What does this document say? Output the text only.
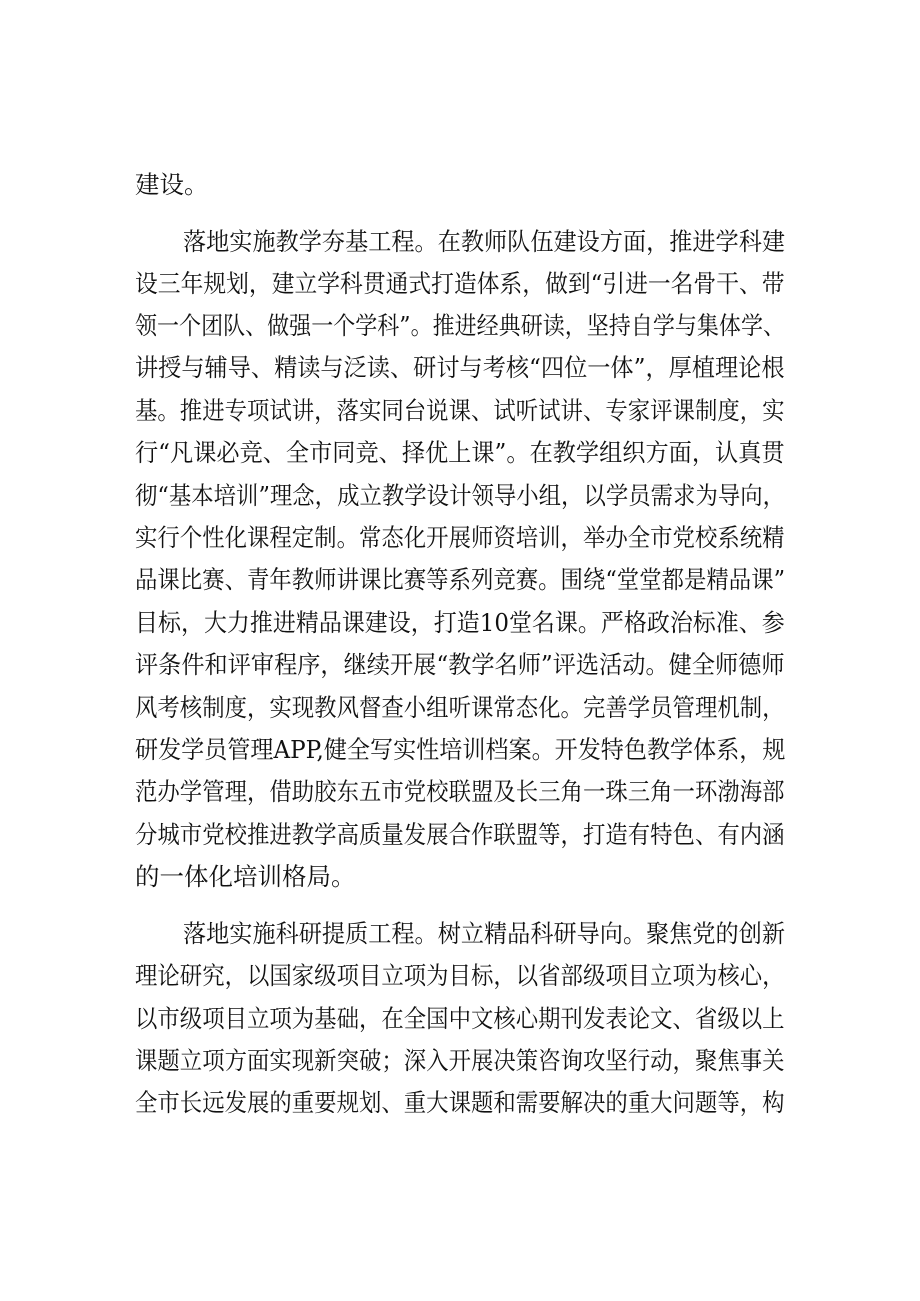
建设。
落地实施教学夯基工程。在教师队伍建设方面，推进学科建
设三年规划，建立学科贯通式打造体系，做到“引进一名骨干、带
领一个团队、做强一个学科”。推进经典研读，坚持自学与集体学、
讲授与辅导、精读与泛读、研讨与考核“四位一体”，厚植理论根
基。推进专项试讲，落实同台说课、试听试讲、专家评课制度，实
行“凡课必竞、全市同竞、择优上课”。在教学组织方面，认真贯
彻“基本培训”理念，成立教学设计领导小组，以学员需求为导向，
实行个性化课程定制。常态化开展师资培训，举办全市党校系统精
品课比赛、青年教师讲课比赛等系列竞赛。围绕“堂堂都是精品课”
目标，大力推进精品课建设，打造10堂名课。严格政治标准、参
评条件和评审程序，继续开展“教学名师”评选活动。健全师德师
风考核制度，实现教风督查小组听课常态化。完善学员管理机制，
研发学员管理APP,健全写实性培训档案。开发特色教学体系，规
范办学管理，借助胶东五市党校联盟及长三角一珠三角一环渤海部
分城市党校推进教学高质量发展合作联盟等，打造有特色、有内涵
的一体化培训格局。
落地实施科研提质工程。树立精品科研导向。聚焦党的创新
理论研究，以国家级项目立项为目标，以省部级项目立项为核心，
以市级项目立项为基础，在全国中文核心期刊发表论文、省级以上
课题立项方面实现新突破；深入开展决策咨询攻坚行动，聚焦事关
全市长远发展的重要规划、重大课题和需要解决的重大问题等，构
